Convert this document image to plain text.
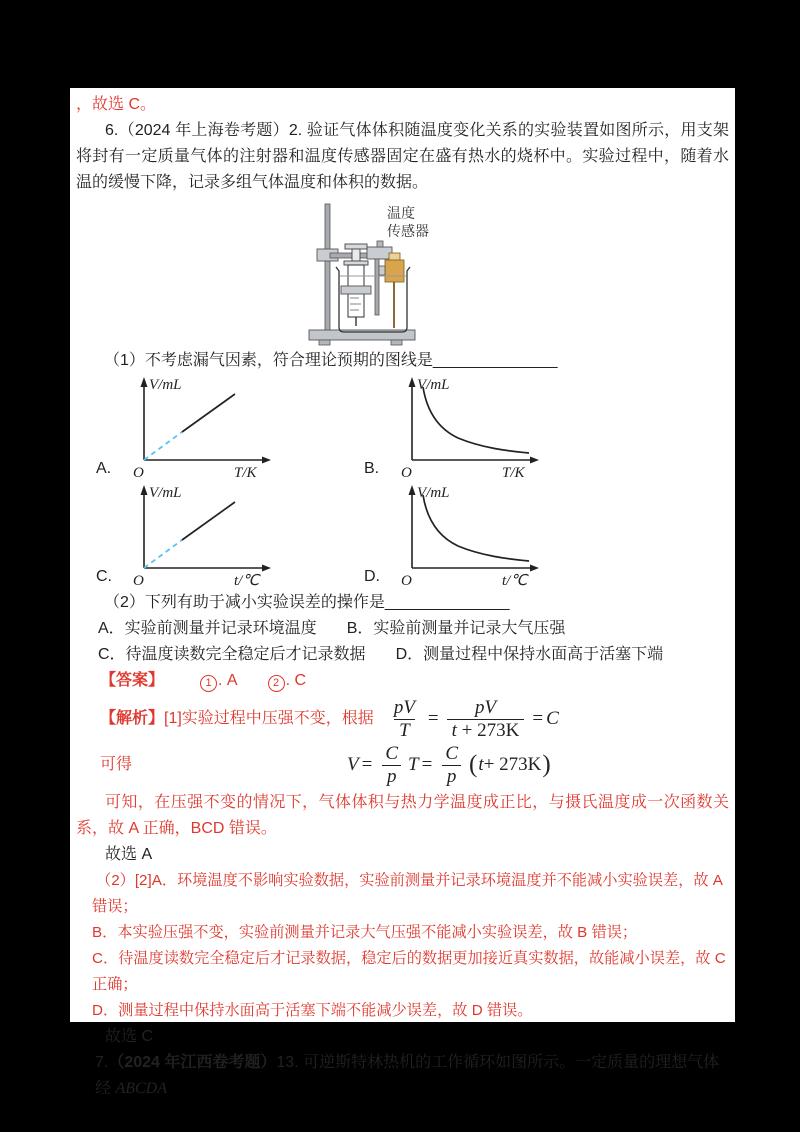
，故选 C。

6.（2024 年上海卷考题）2. 验证气体体积随温度变化关系的实验装置如图所示，用支架将封有一定质量气体的注射器和温度传感器固定在盛有热水的烧杯中。实验过程中，随着水温的缓慢下降，记录多组气体温度和体积的数据。

温度
传感器

（1）不考虑漏气因素，符合理论预期的图线是______________

A.
V/mL
O	T/K	B.
V/mL
O	T/K
C.
V/mL
O	t/℃	D.
V/mL
O	t/℃

（2）下列有助于减小实验误差的操作是______________

A．实验前测量并记录环境温度 B．实验前测量并记录大气压强

C．待温度读数完全稳定后才记录数据 D．测量过程中保持水面高于活塞下端

【答案】	1 . A	2 . C

【解析】[1]实验过程中压强不变，根据 $\frac{pV}{T} = \frac{pV}{t + 273K} = C$
可得	$V = \frac{C}{p}$ $T = \frac{C}{p}$ ( t + 273K )

可知，在压强不变的情况下，气体体积与热力学温度成正比，与摄氏温度成一次函数关系，故 A 正确，BCD 错误。

故选 A

（2）[2]A．环境温度不影响实验数据，实验前测量并记录环境温度并不能减小实验误差，故 A 错误；

B．本实验压强不变，实验前测量并记录大气压强不能减小实验误差，故 B 错误；

C．待温度读数完全稳定后才记录数据，稳定后的数据更加接近真实数据，故能减小误差，故 C 正确；

D．测量过程中保持水面高于活塞下端不能减少误差，故 D 错误。

故选 C

7.（2024 年江西卷考题）13. 可逆斯特林热机的工作循环如图所示。一定质量的理想气体经 ABCDA
